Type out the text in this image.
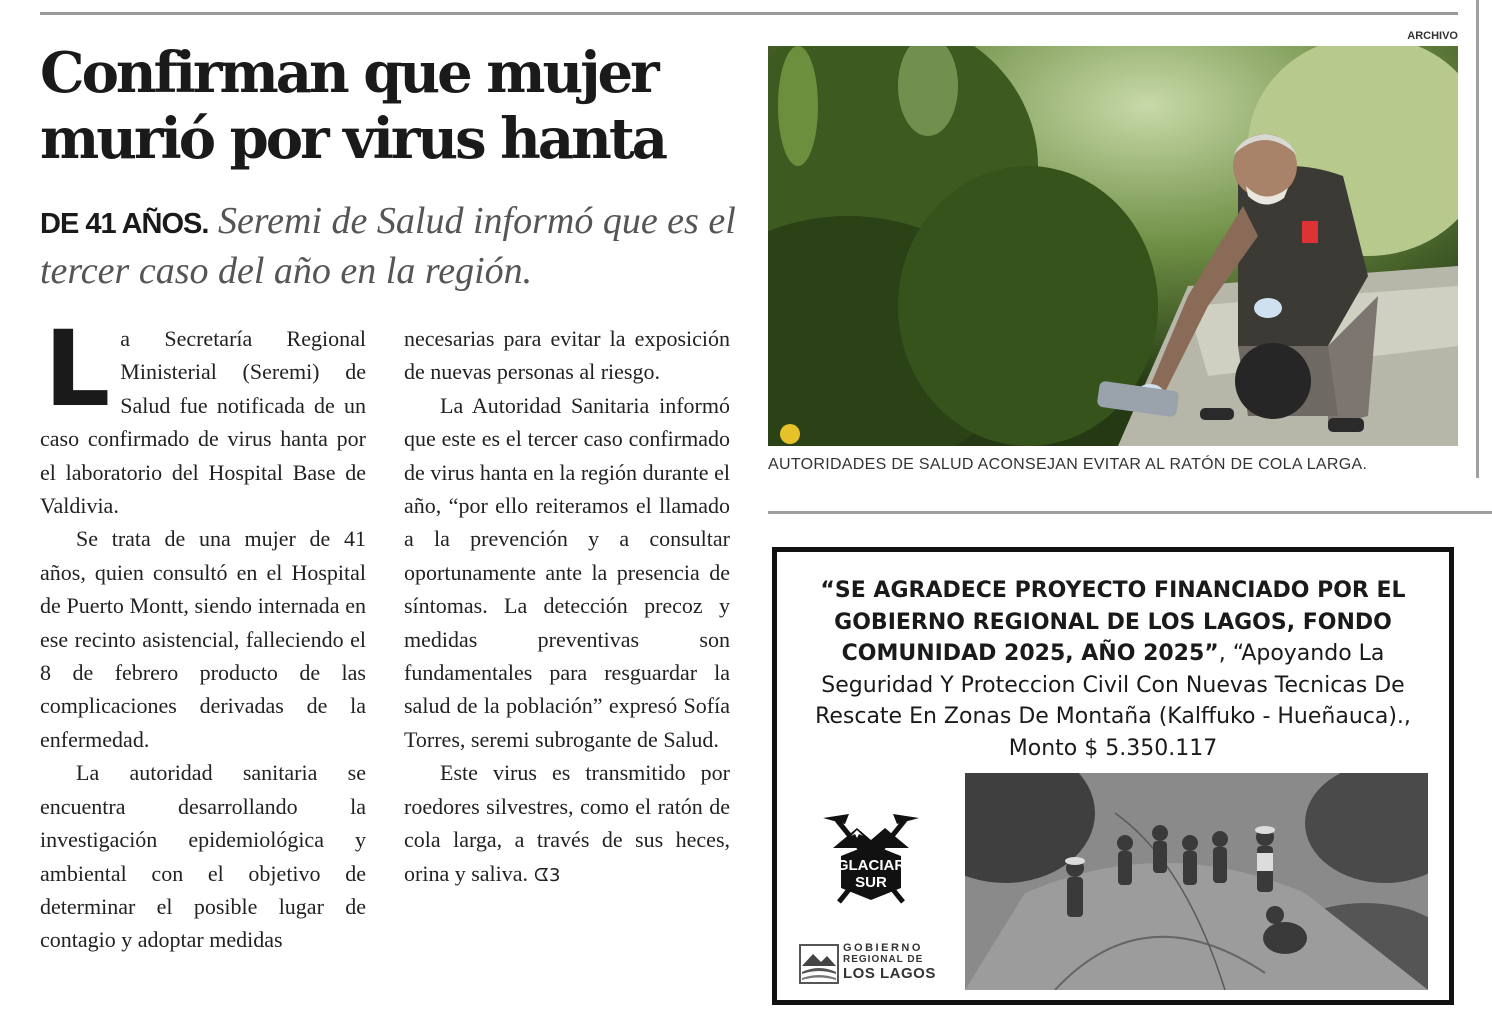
Confirman que mujer murió por virus hanta

DE 41 AÑOS. Seremi de Salud informó que es el tercer caso del año en la región.

La Secretaría Regional Ministerial (Seremi) de Salud fue notificada de un caso confirmado de virus hanta por el laboratorio del Hospital Base de Valdivia.

Se trata de una mujer de 41 años, quien consultó en el Hospital de Puerto Montt, siendo internada en ese recinto asistencial, falleciendo el 8 de febrero producto de las complicaciones derivadas de la enfermedad.

La autoridad sanitaria se encuentra desarrollando la investigación epidemiológica y ambiental con el objetivo de determinar el posible lugar de contagio y adoptar medidas

necesarias para evitar la exposición de nuevas personas al riesgo.

La Autoridad Sanitaria informó que este es el tercer caso confirmado de virus hanta en la región durante el año, “por ello reiteramos el llamado a la prevención y a consultar oportunamente ante la presencia de síntomas. La detección precoz y medidas preventivas son fundamentales para resguardar la salud de la población” expresó Sofía Torres, seremi subrogante de Salud.

Este virus es transmitido por roedores silvestres, como el ratón de cola larga, a través de sus heces, orina y saliva. ᗧ3

ARCHIVO

AUTORIDADES DE SALUD ACONSEJAN EVITAR AL RATÓN DE COLA LARGA.

“SE AGRADECE PROYECTO FINANCIADO POR EL GOBIERNO REGIONAL DE LOS LAGOS, FONDO COMUNIDAD 2025, AÑO 2025”, “Apoyando La Seguridad Y Proteccion Civil Con Nuevas Tecnicas De Rescate En Zonas De Montaña (Kalffuko - Hueñauca)., Monto $ 5.350.117

GLACIAR
SUR
GOBIERNO
REGIONAL DE
LOS LAGOS
